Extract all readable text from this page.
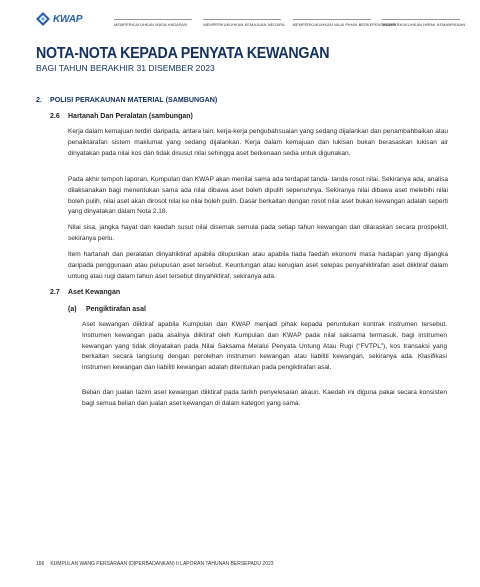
KWAP	MEMPERKUKUHKAN MASA HADAPAN	MEMPERKUKUHKAN KEMAJUAN NEGARA MEMPERKUKUHKAN NILAI PIHAK BERKEPENTINGAN
MEMPERKUKUHKAN IMPAK KEMAMPANAN
NOTA-NOTA KEPADA PENYATA KEWANGAN
BAGI TAHUN BERAKHIR 31 DISEMBER 2023
2. POLISI PERAKAUNAN MATERIAL (SAMBUNGAN)
2.6 Hartanah Dan Peralatan (sambungan)

Kerja dalam kemajuan terdiri daripada, antara lain, kerja-kerja pengubahsuaian yang sedang dijalankan dan penambahbaikan atau penaiktarafan sistem maklumat yang sedang dijalankan. Kerja dalam kemajuan dan lukisan bukan berasaskan lukisan air dinyatakan pada nilai kos dan tidak disusut nilai sehingga aset berkenaan sedia untuk digunakan.

Pada akhir tempoh laporan, Kumpulan dan KWAP akan menilai sama ada terdapat tanda- tanda rosot nilai. Sekiranya ada, analisa dilaksanakan bagi menentukan sama ada nilai dibawa aset boleh dipulih sepenuhnya. Sekiranya nilai dibawa aset melebihi nilai boleh pulih, nilai aset akan dirosot nilai ke nilai boleh pulih. Dasar berkaitan dengan rosot nilai aset bukan kewangan adalah seperti yang dinyatakan dalam Nota 2.18.

Nilai sisa, jangka hayat dan kaedah susut nilai disemak semula pada setiap tahun kewangan dan dilaraskan secara prospektif, sekiranya perlu.

Item hartanah dan peralatan dinyahiktiraf apabila dilupuskan atau apabila tiada faedah ekonomi masa hadapan yang dijangka daripada penggunaan atau pelupusan aset tersebut. Keuntungan atau kerugian aset selepas penyahiktirafan aset diiktiraf dalam untung atau rugi dalam tahun aset tersebut dinyahiktiraf, sekiranya ada.

2.7 Aset Kewangan
(a) Pengiktirafan asal

Aset kewangan diiktiraf apabila Kumpulan dan KWAP menjadi pihak kepada peruntukan kontrak instrumen tersebut. Instrumen kewangan pada asalnya diiktiraf oleh Kumpulan dan KWAP pada nilai saksama termasuk, bagi instrumen kewangan yang tidak dinyatakan pada Nilai Saksama Melalui Penyata Untung Atau Rugi (“FVTPL”), kos transaksi yang berkaitan secara langsung dengan perolehan instrumen kewangan atau liabiliti kewangan, sekiranya ada. Klasifikasi instrumen kewangan dan liabiliti kewangan adalah ditentukan pada pengiktirafan asal.

Belian dan jualan lazim aset kewangan diiktiraf pada tarikh penyelesaian akaun. Kaedah ini diguna pakai secara konsisten bagi semua belian dan jualan aset kewangan di dalam kategori yang sama.

156 KUMPULAN WANG PERSARAAN (DIPERBADANKAN) II LAPORAN TAHUNAN BERSEPADU 2023
